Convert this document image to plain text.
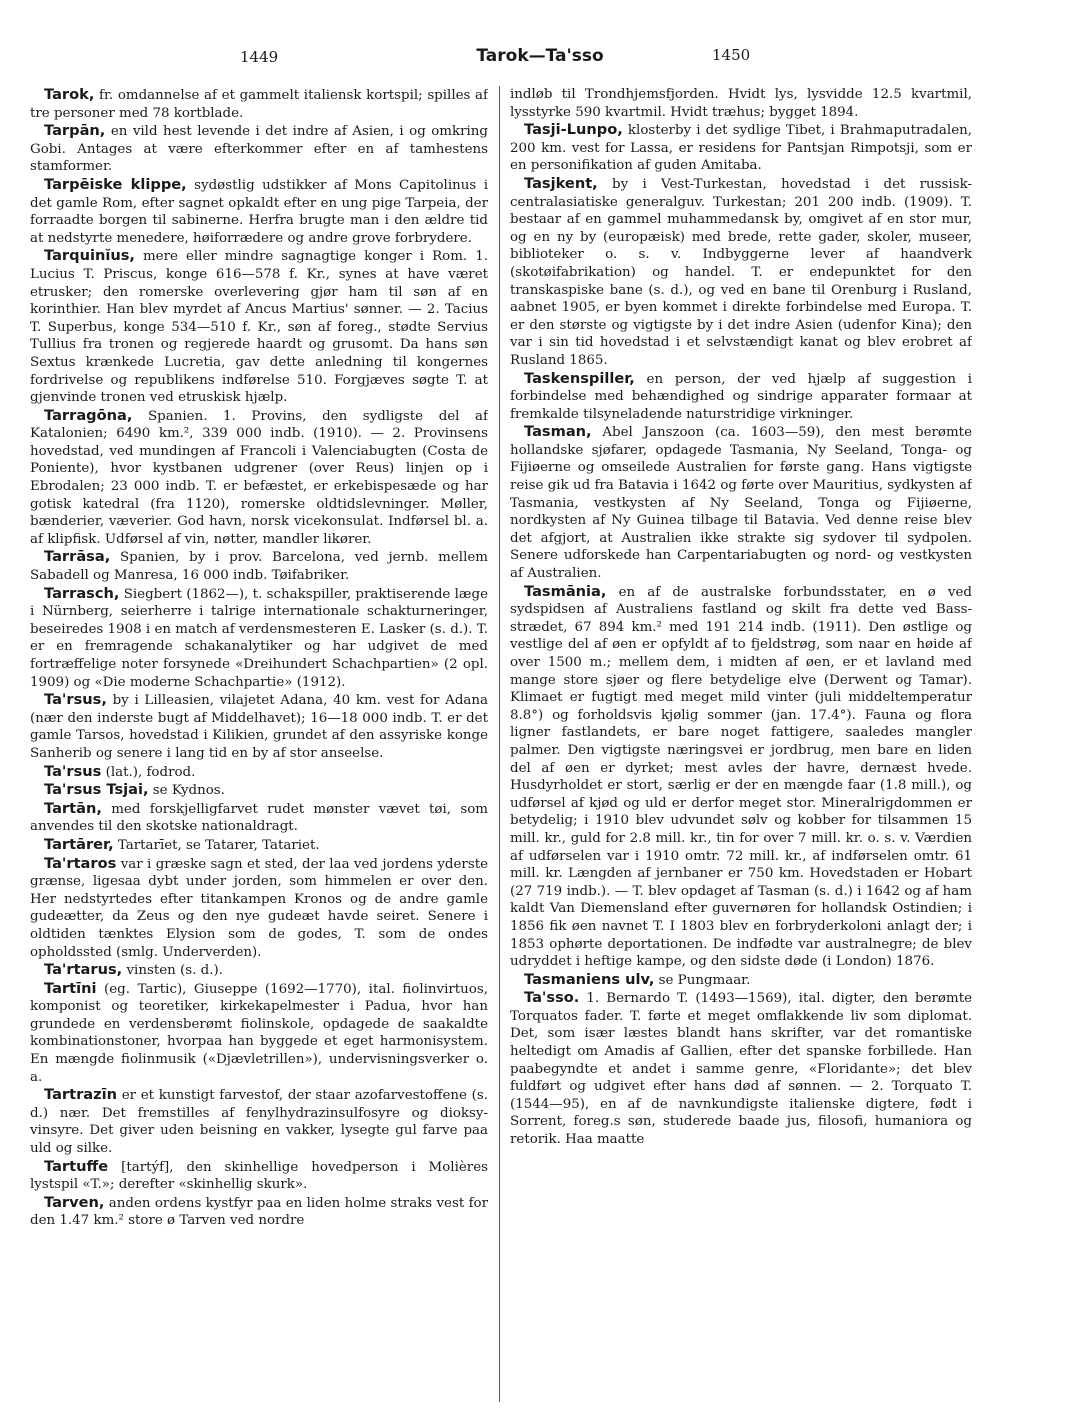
1449	Tarok—Ta'sso	1450

Tarok, fr. omdannelse af et gammelt italiensk kortspil; spilles af tre personer med 78 kortblade.

Tarpān, en vild hest levende i det indre af Asien, i og omkring Gobi. Antages at være efterkommer efter en af tamhestens stamformer.

Tarpēiske klippe, sydøstlig udstikker af Mons Capitolinus i det gamle Rom, efter sagnet opkaldt efter en ung pige Tarpeia, der forraadte borgen til sabinerne. Herfra brugte man i den ældre tid at nedstyrte menedere, høiforrædere og andre grove forbrydere.

Tarquinĭus, mere eller mindre sagnagtige konger i Rom. 1. Lucius T. Priscus, konge 616—578 f. Kr., synes at have været etrusker; den romerske overlevering gjør ham til søn af en korinthier. Han blev myrdet af Ancus Martius' sønner. — 2. Tacius T. Superbus, konge 534—510 f. Kr., søn af foreg., stødte Servius Tullius fra tronen og regjerede haardt og grusomt. Da hans søn Sextus krænkede Lucretia, gav dette anledning til kongernes fordrivelse og republikens indførelse 510. Forgjæves søgte T. at gjenvinde tronen ved etruskisk hjælp.

Tarragōna, Spanien. 1. Provins, den sydligste del af Katalonien; 6490 km.², 339 000 indb. (1910). — 2. Provinsens hovedstad, ved mundingen af Francoli i Valenciabugten (Costa de Poniente), hvor kystbanen udgrener (over Reus) linjen op i Ebrodalen; 23 000 indb. T. er befæstet, er erkebispesæde og har gotisk katedral (fra 1120), romerske oldtidslevninger. Møller, bænderier, væverier. God havn, norsk vicekonsulat. Indførsel bl. a. af klipfisk. Udførsel af vin, nøtter, mandler likører.

Tarrāsa, Spanien, by i prov. Barcelona, ved jernb. mellem Sabadell og Manresa, 16 000 indb. Tøifabriker.

Tarrasch, Siegbert (1862—), t. schakspiller, praktiserende læge i Nürnberg, seierherre i talrige internationale schakturneringer, beseiredes 1908 i en match af verdensmesteren E. Lasker (s. d.). T. er en fremragende schakanalytiker og har udgivet de med fortræffelige noter forsynede «Dreihundert Schachpartien» (2 opl. 1909) og «Die moderne Schachpartie» (1912).

Ta'rsus, by i Lilleasien, vilajetet Adana, 40 km. vest for Adana (nær den inderste bugt af Middelhavet); 16—18 000 indb. T. er det gamle Tarsos, hovedstad i Kilikien, grundet af den assyriske konge Sanherib og senere i lang tid en by af stor anseelse.

Ta'rsus (lat.), fodrod.

Ta'rsus Tsjai, se Kydnos.

Tartān, med forskjelligfarvet rudet mønster vævet tøi, som anvendes til den skotske nationaldragt.

Tartārer, Tartarīet, se Tatarer, Tatariet.

Ta'rtaros var i græske sagn et sted, der laa ved jordens yderste grænse, ligesaa dybt under jorden, som himmelen er over den. Her nedstyrtedes efter titankampen Kronos og de andre gamle gudeætter, da Zeus og den nye gudeæt havde seiret. Senere i oldtiden tænktes Elysion som de godes, T. som de ondes opholdssted (smlg. Underverden).

Ta'rtarus, vinsten (s. d.).

Tartīni (eg. Tartic), Giuseppe (1692—1770), ital. fiolinvirtuos, komponist og teoretiker, kirkekapelmester i Padua, hvor han grundede en verdensberømt fiolinskole, opdagede de saakaldte kombinationstoner, hvorpaa han byggede et eget harmonisystem. En mængde fiolinmusik («Djævletrillen»), undervisningsverker o. a.

Tartrazīn er et kunstigt farvestof, der staar azofarvestoffene (s. d.) nær. Det fremstilles af fenylhydrazinsulfosyre og dioksy-vinsyre. Det giver uden beisning en vakker, lysegte gul farve paa uld og silke.

Tartuffe [tartýf], den skinhellige hovedperson i Molières lystspil «T.»; derefter «skinhellig skurk».

Tarven, anden ordens kystfyr paa en liden holme straks vest for den 1.47 km.² store ø Tarven ved nordre

indløb til Trondhjemsfjorden. Hvidt lys, lysvidde 12.5 kvartmil, lysstyrke 590 kvartmil. Hvidt træhus; bygget 1894.

Tasji-Lunpo, klosterby i det sydlige Tibet, i Brahmaputradalen, 200 km. vest for Lassa, er residens for Pantsjan Rimpotsji, som er en personifikation af guden Amitaba.

Tasjkent, by i Vest-Turkestan, hovedstad i det russisk-centralasiatiske generalguv. Turkestan; 201 200 indb. (1909). T. bestaar af en gammel muhammedansk by, omgivet af en stor mur, og en ny by (europæisk) med brede, rette gader, skoler, museer, biblioteker o. s. v. Indbyggerne lever af haandverk (skotøifabrikation) og handel. T. er endepunktet for den transkaspiske bane (s. d.), og ved en bane til Orenburg i Rusland, aabnet 1905, er byen kommet i direkte forbindelse med Europa. T. er den største og vigtigste by i det indre Asien (udenfor Kina); den var i sin tid hovedstad i et selvstændigt kanat og blev erobret af Rusland 1865.

Taskenspiller, en person, der ved hjælp af suggestion i forbindelse med behændighed og sindrige apparater formaar at fremkalde tilsyneladende naturstridige virkninger.

Tasman, Abel Janszoon (ca. 1603—59), den mest berømte hollandske sjøfarer, opdagede Tasmania, Ny Seeland, Tonga- og Fijiøerne og omseilede Australien for første gang. Hans vigtigste reise gik ud fra Batavia i 1642 og førte over Mauritius, sydkysten af Tasmania, vestkysten af Ny Seeland, Tonga og Fijiøerne, nordkysten af Ny Guinea tilbage til Batavia. Ved denne reise blev det afgjort, at Australien ikke strakte sig sydover til sydpolen. Senere udforskede han Carpentariabugten og nord- og vestkysten af Australien.

Tasmānia, en af de australske forbundsstater, en ø ved sydspidsen af Australiens fastland og skilt fra dette ved Bass-strædet, 67 894 km.² med 191 214 indb. (1911). Den østlige og vestlige del af øen er opfyldt af to fjeldstrøg, som naar en høide af over 1500 m.; mellem dem, i midten af øen, er et lavland med mange store sjøer og flere betydelige elve (Derwent og Tamar). Klimaet er fugtigt med meget mild vinter (juli middeltemperatur 8.8°) og forholdsvis kjølig sommer (jan. 17.4°). Fauna og flora ligner fastlandets, er bare noget fattigere, saaledes mangler palmer. Den vigtigste næringsvei er jordbrug, men bare en liden del af øen er dyrket; mest avles der havre, dernæst hvede. Husdyrholdet er stort, særlig er der en mængde faar (1.8 mill.), og udførsel af kjød og uld er derfor meget stor. Mineralrigdommen er betydelig; i 1910 blev udvundet sølv og kobber for tilsammen 15 mill. kr., guld for 2.8 mill. kr., tin for over 7 mill. kr. o. s. v. Værdien af udførselen var i 1910 omtr. 72 mill. kr., af indførselen omtr. 61 mill. kr. Længden af jernbaner er 750 km. Hovedstaden er Hobart (27 719 indb.). — T. blev opdaget af Tasman (s. d.) i 1642 og af ham kaldt Van Diemensland efter guvernøren for hollandsk Ostindien; i 1856 fik øen navnet T. I 1803 blev en forbryderkoloni anlagt der; i 1853 ophørte deportationen. De indfødte var australnegre; de blev udryddet i heftige kampe, og den sidste døde (i London) 1876.

Tasmaniens ulv, se Pungmaar.

Ta'sso. 1. Bernardo T. (1493—1569), ital. digter, den berømte Torquatos fader. T. førte et meget omflakkende liv som diplomat. Det, som især læstes blandt hans skrifter, var det romantiske heltedigt om Amadis af Gallien, efter det spanske forbillede. Han paabegyndte et andet i samme genre, «Floridante»; det blev fuldført og udgivet efter hans død af sønnen. — 2. Torquato T. (1544—95), en af de navnkundigste italienske digtere, født i Sorrent, foreg.s søn, studerede baade jus, filosofi, humaniora og retorik. Haa maatte
